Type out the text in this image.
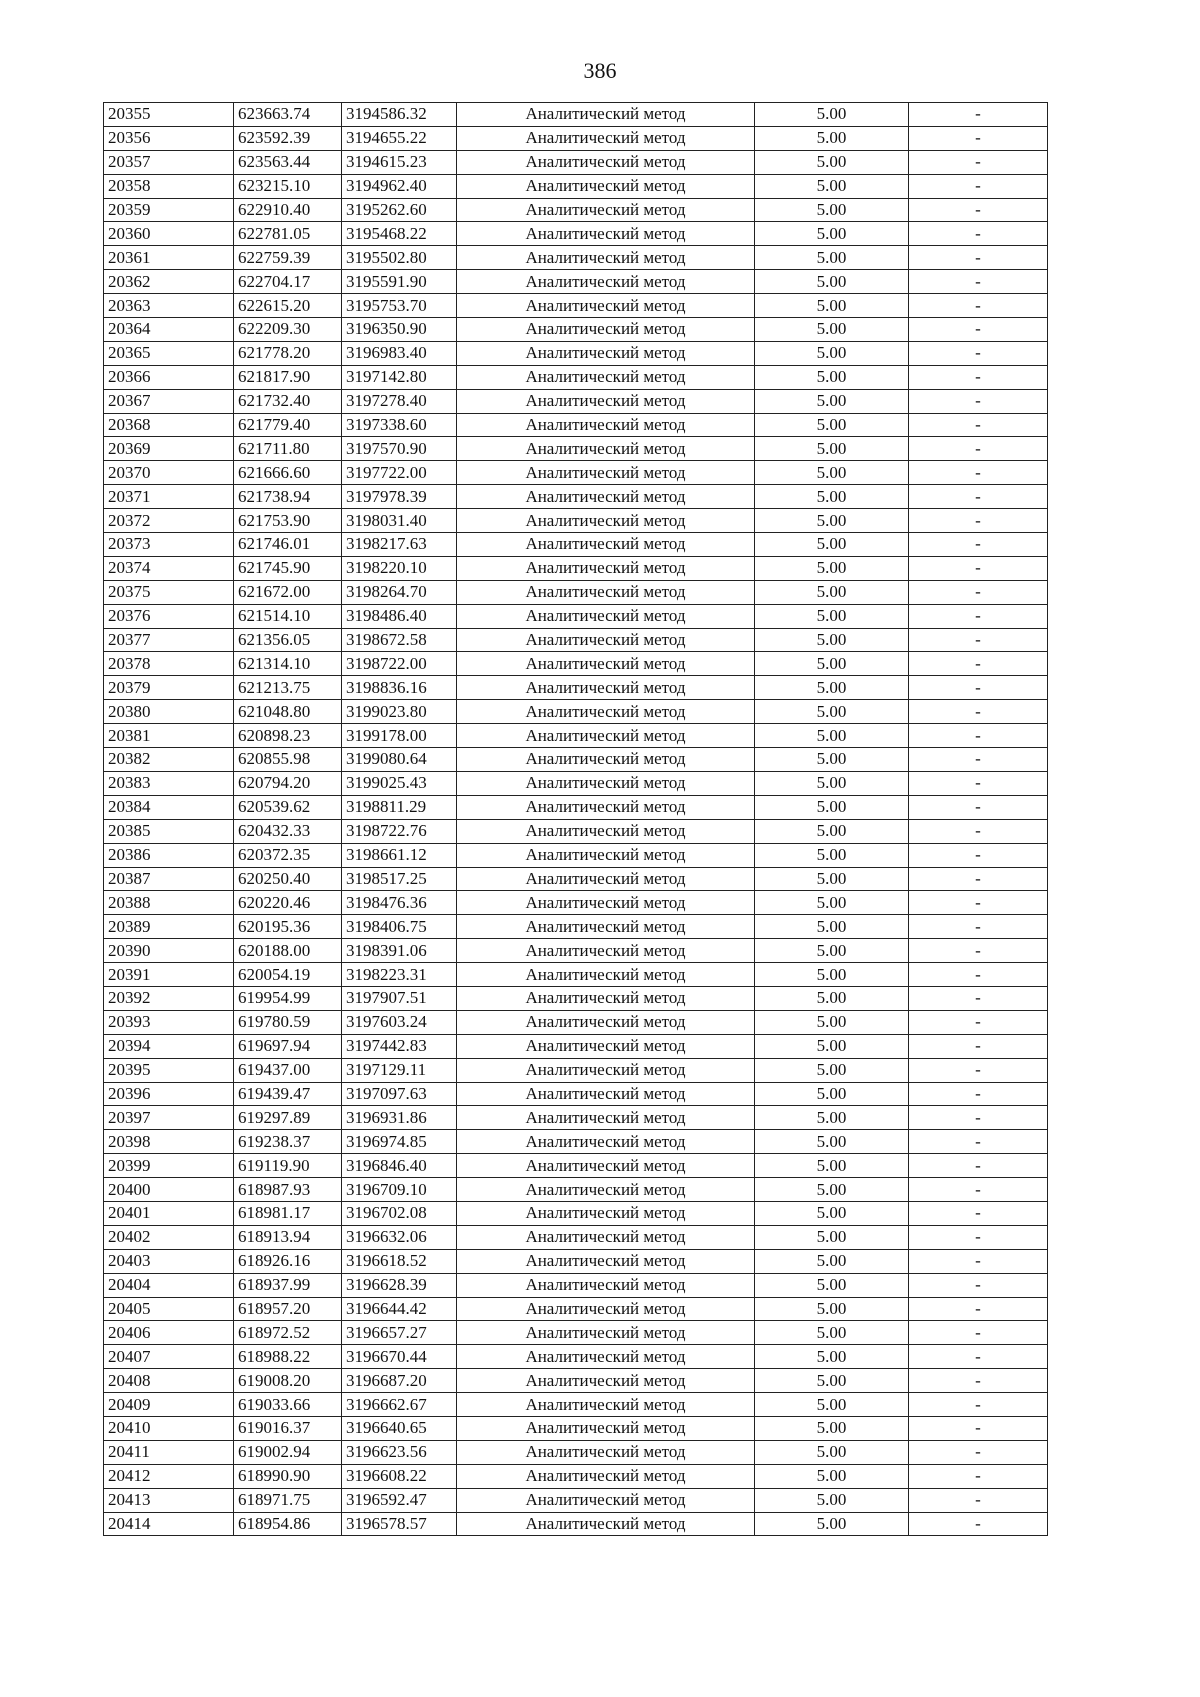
386
20355	623663.74	3194586.32	Аналитический метод	5.00	-
20356	623592.39	3194655.22	Аналитический метод	5.00	-
20357	623563.44	3194615.23	Аналитический метод	5.00	-
20358	623215.10	3194962.40	Аналитический метод	5.00	-
20359	622910.40	3195262.60	Аналитический метод	5.00	-
20360	622781.05	3195468.22	Аналитический метод	5.00	-
20361	622759.39	3195502.80	Аналитический метод	5.00	-
20362	622704.17	3195591.90	Аналитический метод	5.00	-
20363	622615.20	3195753.70	Аналитический метод	5.00	-
20364	622209.30	3196350.90	Аналитический метод	5.00	-
20365	621778.20	3196983.40	Аналитический метод	5.00	-
20366	621817.90	3197142.80	Аналитический метод	5.00	-
20367	621732.40	3197278.40	Аналитический метод	5.00	-
20368	621779.40	3197338.60	Аналитический метод	5.00	-
20369	621711.80	3197570.90	Аналитический метод	5.00	-
20370	621666.60	3197722.00	Аналитический метод	5.00	-
20371	621738.94	3197978.39	Аналитический метод	5.00	-
20372	621753.90	3198031.40	Аналитический метод	5.00	-
20373	621746.01	3198217.63	Аналитический метод	5.00	-
20374	621745.90	3198220.10	Аналитический метод	5.00	-
20375	621672.00	3198264.70	Аналитический метод	5.00	-
20376	621514.10	3198486.40	Аналитический метод	5.00	-
20377	621356.05	3198672.58	Аналитический метод	5.00	-
20378	621314.10	3198722.00	Аналитический метод	5.00	-
20379	621213.75	3198836.16	Аналитический метод	5.00	-
20380	621048.80	3199023.80	Аналитический метод	5.00	-
20381	620898.23	3199178.00	Аналитический метод	5.00	-
20382	620855.98	3199080.64	Аналитический метод	5.00	-
20383	620794.20	3199025.43	Аналитический метод	5.00	-
20384	620539.62	3198811.29	Аналитический метод	5.00	-
20385	620432.33	3198722.76	Аналитический метод	5.00	-
20386	620372.35	3198661.12	Аналитический метод	5.00	-
20387	620250.40	3198517.25	Аналитический метод	5.00	-
20388	620220.46	3198476.36	Аналитический метод	5.00	-
20389	620195.36	3198406.75	Аналитический метод	5.00	-
20390	620188.00	3198391.06	Аналитический метод	5.00	-
20391	620054.19	3198223.31	Аналитический метод	5.00	-
20392	619954.99	3197907.51	Аналитический метод	5.00	-
20393	619780.59	3197603.24	Аналитический метод	5.00	-
20394	619697.94	3197442.83	Аналитический метод	5.00	-
20395	619437.00	3197129.11	Аналитический метод	5.00	-
20396	619439.47	3197097.63	Аналитический метод	5.00	-
20397	619297.89	3196931.86	Аналитический метод	5.00	-
20398	619238.37	3196974.85	Аналитический метод	5.00	-
20399	619119.90	3196846.40	Аналитический метод	5.00	-
20400	618987.93	3196709.10	Аналитический метод	5.00	-
20401	618981.17	3196702.08	Аналитический метод	5.00	-
20402	618913.94	3196632.06	Аналитический метод	5.00	-
20403	618926.16	3196618.52	Аналитический метод	5.00	-
20404	618937.99	3196628.39	Аналитический метод	5.00	-
20405	618957.20	3196644.42	Аналитический метод	5.00	-
20406	618972.52	3196657.27	Аналитический метод	5.00	-
20407	618988.22	3196670.44	Аналитический метод	5.00	-
20408	619008.20	3196687.20	Аналитический метод	5.00	-
20409	619033.66	3196662.67	Аналитический метод	5.00	-
20410	619016.37	3196640.65	Аналитический метод	5.00	-
20411	619002.94	3196623.56	Аналитический метод	5.00	-
20412	618990.90	3196608.22	Аналитический метод	5.00	-
20413	618971.75	3196592.47	Аналитический метод	5.00	-
20414	618954.86	3196578.57	Аналитический метод	5.00	-
